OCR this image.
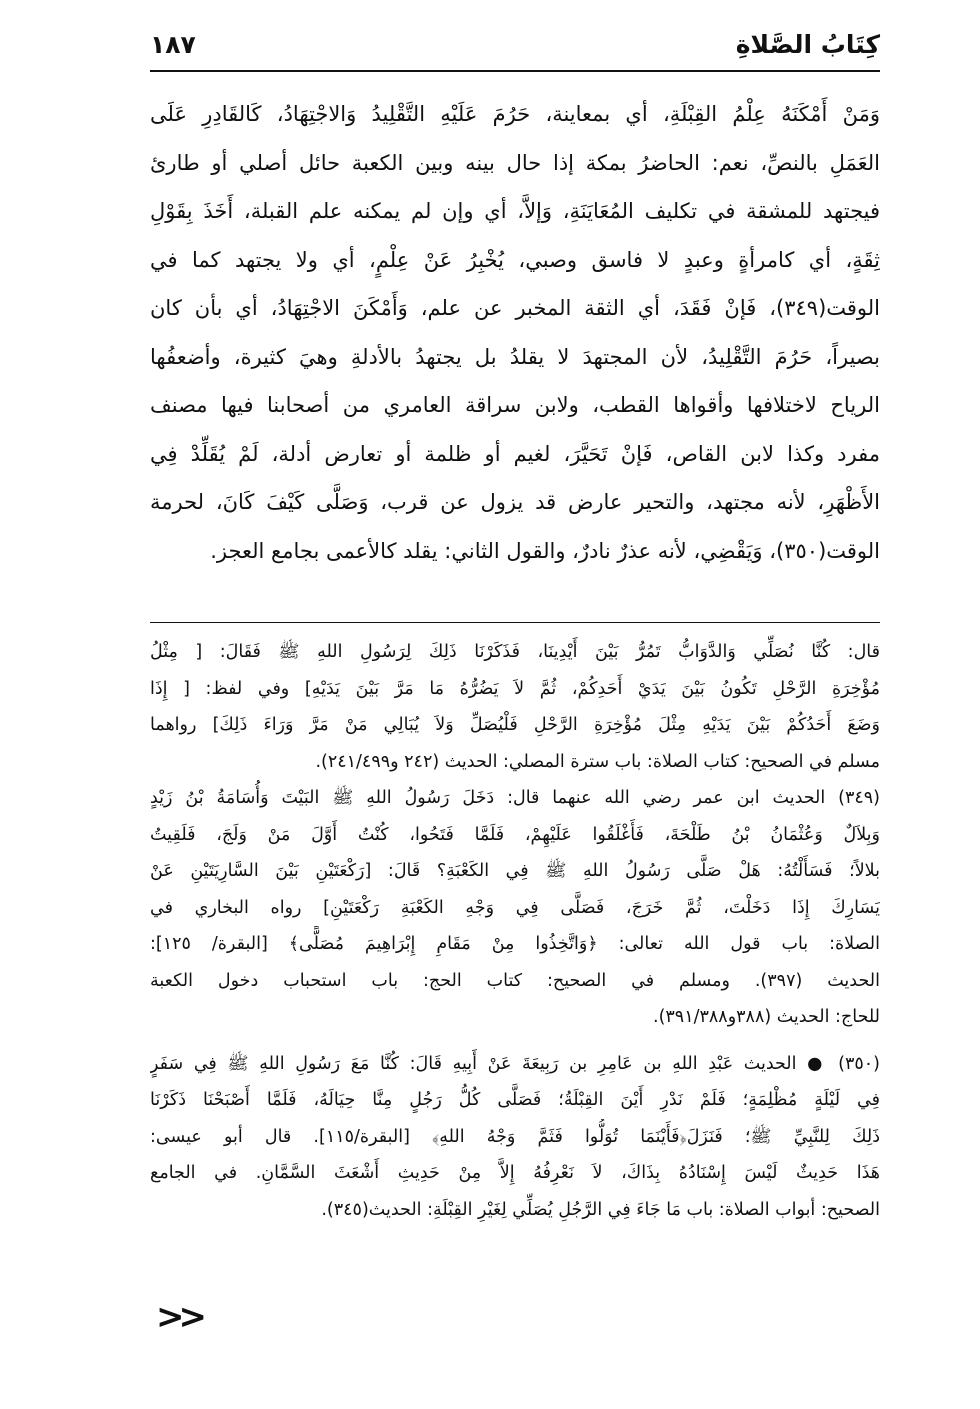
كِتَابُ الصَّلاةِ
١٨٧
وَمَنْ أَمْكَنَهُ عِلْمُ القِبْلَةِ، أي بمعاينة، حَرُمَ عَلَيْهِ التَّقْلِيدُ وَالاجْتِهَادُ، كَالقَادِرِ عَلَى
العَمَلِ بالنصِّ، نعم: الحاضرُ بمكة إذا حال بينه وبين الكعبة حائل أصلي أو طارئ
فيجتهد للمشقة في تكليف المُعَايَنَةِ، وَإلاَّ، أي وإن لم يمكنه علم القبلة، أَخَذَ بِقَوْلِ
ثِقَةٍ، أي كامرأةٍ وعبدٍ لا فاسق وصبي، يُخْبِرُ عَنْ عِلْمٍ، أي ولا يجتهد كما في
الوقت(٣٤٩)، فَإنْ فَقَدَ، أي الثقة المخبر عن علم، وَأَمْكَنَ الاجْتِهَادُ، أي بأن كان
بصيراً، حَرُمَ التَّقْلِيدُ، لأن المجتهدَ لا يقلدُ بل يجتهدُ بالأدلةِ وهيَ كثيرة، وأضعفُها
الرياح لاختلافها وأقواها القطب، ولابن سراقة العامري من أصحابنا فيها مصنف
مفرد وكذا لابن القاص، فَإنْ تَحَيَّرَ، لغيم أو ظلمة أو تعارض أدلة، لَمْ يُقَلِّدْ فِي
الأَظْهَرِ، لأنه مجتهد، والتحير عارض قد يزول عن قرب، وَصَلَّى كَيْفَ كَانَ، لحرمة
الوقت(٣٥٠)، وَيَقْضِي، لأنه عذرٌ نادرٌ، والقول الثاني: يقلد كالأعمى بجامع العجز.
قال: كُنَّا نُصَلِّي وَالدَّوَابُّ تَمُرُّ بَيْنَ أَيْدِينَا، فَذَكَرْنَا ذَلِكَ لِرَسُولِ اللهِ ﷺ فَقَالَ: [ مِثْلُ
مُؤْخِرَةِ الرَّحْلِ تَكُونُ بَيْنَ يَدَيْ أَحَدِكُمْ، ثُمَّ لاَ يَضُرُّهُ مَا مَرَّ بَيْنَ يَدَيْهِ] وفي لفظ: [ إِذَا
وَضَعَ أَحَدُكُمْ بَيْنَ يَدَيْهِ مِثْلَ مُؤْخِرَةِ الرَّحْلِ فَلْيُصَلِّ وَلاَ يُبَالِي مَنْ مَرَّ وَرَاءَ ذَلِكَ] رواهما
مسلم في الصحيح: كتاب الصلاة: باب سترة المصلي: الحديث (٢٤٢ و٢٤١/٤٩٩).
(٣٤٩) الحديث ابن عمر رضي الله عنهما قال: دَخَلَ رَسُولُ اللهِ ﷺ البَيْتَ وَأُسَامَةُ بْنُ زَيْدٍ
وَبِلاَلٌ وَعُثْمَانُ بْنُ طَلْحَةَ، فَأَغْلَقُوا عَلَيْهِمْ، فَلَمَّا فَتَحُوا، كُنْتُ أَوَّلَ مَنْ وَلَجَ، فَلَقِيتُ
بلالاً؛ فَسَأَلْتُهُ: هَلْ صَلَّى رَسُولُ اللهِ ﷺ فِي الكَعْبَةِ؟ قَالَ: [رَكْعَتَيْنِ بَيْنَ السَّارِيَتَيْنِ عَنْ
يَسَارِكَ إِذَا دَخَلْتَ، ثُمَّ خَرَجَ، فَصَلَّى فِي وَجْهِ الكَعْبَةِ رَكْعَتَيْنِ] رواه البخاري في
الصلاة: باب قول الله تعالى: ﴿وَاتَّخِذُوا مِنْ مَقَامِ إِبْرَاهِيمَ مُصَلًّى﴾ [البقرة/ ١٢٥]:
الحديث (٣٩٧). ومسلم في الصحيح: كتاب الحج: باب استحباب دخول الكعبة
للحاج: الحديث (٣٨٨و٣٩١/٣٨٨).
(٣٥٠) ● الحديث عَبْدِ اللهِ بن عَامِرِ بن رَبِيعَةَ عَنْ أَبِيهِ قَالَ: كُنَّا مَعَ رَسُولِ اللهِ ﷺ فِي سَفَرٍ
فِي لَيْلَةٍ مُظْلِمَةٍ؛ فَلَمْ نَدْرِ أَيْنَ القِبْلَةُ؛ فَصَلَّى كُلُّ رَجُلٍ مِنَّا حِيَالَهُ، فَلَمَّا أَصْبَحْنَا ذَكَرْنَا
ذَلِكَ لِلنَّبِيِّ ﷺ؛ فَنَزَلَ﴿فَأَيْنَمَا تُوَلُّوا فَثَمَّ وَجْهُ اللهِ﴾ [البقرة/١١٥]. قال أبو عيسى:
هَذَا حَدِيثٌ لَيْسَ إِسْنَادُهُ بِذَاكَ، لاَ نَعْرِفُهُ إِلاَّ مِنْ حَدِيثِ أَشْعَثَ السَّمَّانِ. في الجامع
الصحيح: أبواب الصلاة: باب مَا جَاءَ فِي الرَّجُلِ يُصَلِّي لِغَيْرِ القِبْلَةِ: الحديث(٣٤٥).
<<
